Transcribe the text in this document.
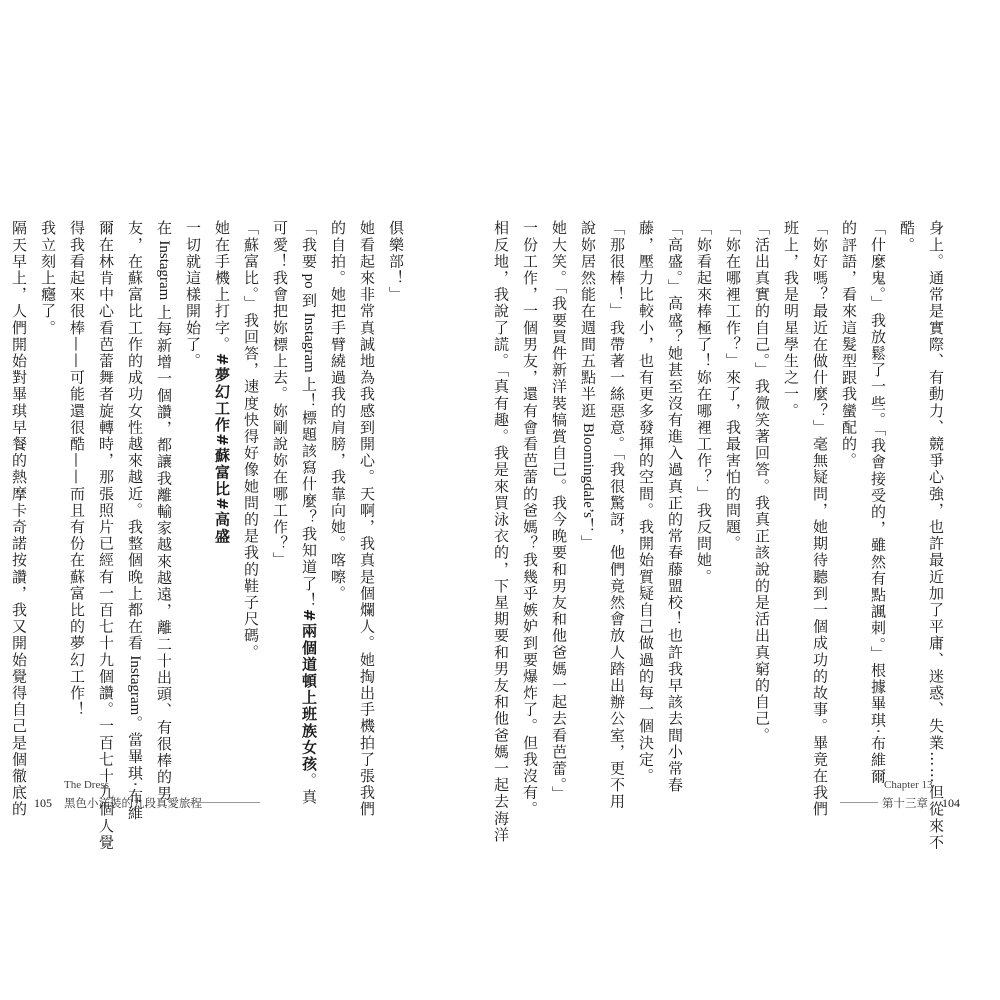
俱樂部！」
她看起來非常真誠地為我感到開心。天啊，我真是個爛人。她掏出手機拍了張我們
的自拍。她把手臂繞過我的肩膀，我靠向她。喀嚓。
「我要 po 到 Instagram 上！標題該寫什麼？我知道了！#兩個道頓上班族女孩。真
可愛！我會把妳標上去。妳剛說妳在哪工作？」
「蘇富比。」我回答，速度快得好像她問的是我的鞋子尺碼。
她在手機上打字。#夢幻工作#蘇富比#高盛
一切就這樣開始了。
在 Instagram 上每新增一個讚，都讓我離輸家越來越遠，離二十出頭、有很棒的男
友，在蘇富比工作的成功女性越來越近。我整個晚上都在看 Instagram。當畢琪‧布維
爾在林肯中心看芭蕾舞者旋轉時，那張照片已經有一百七十九個讚。一百七十九個人覺
得我看起來很棒——可能還很酷——而且有份在蘇富比的夢幻工作！
我立刻上癮了。
隔天早上，人們開始對畢琪早餐的熱摩卡奇諾按讚，我又開始覺得自己是個徹底的 105
The Dress
黑色小洋裝的九段真愛旅程	身上。通常是實際、有動力、競爭心強，也許最近加了平庸、迷惑、失業……但從來不
酷。
「什麼鬼。」我放鬆了一些。「我會接受的，雖然有點諷刺。」根據畢琪‧布維爾
的評語，看來這髮型跟我蠻配的。
「妳好嗎？最近在做什麼？」毫無疑問，她期待聽到一個成功的故事。畢竟在我們
班上，我是明星學生之一。
「活出真實的自己。」我微笑著回答。我真正該說的是活出真窮的自己。
「妳在哪裡工作？」來了，我最害怕的問題。
「妳看起來棒極了！妳在哪裡工作？」我反問她。
「高盛。」高盛？她甚至沒有進入過真正的常春藤盟校！也許我早該去間小常春
藤，壓力比較小，也有更多發揮的空間。我開始質疑自己做過的每一個決定。
「那很棒！」我帶著一絲惡意。「我很驚訝，他們竟然會放人踏出辦公室，更不用
說妳居然能在週間五點半逛 Bloomingdale’s！」
她大笑。「我要買件新洋裝犒賞自己。我今晚要和男友和他爸媽一起去看芭蕾。」
一份工作，一個男友，還有會看芭蕾的爸媽？我幾乎嫉妒到要爆炸了。但我沒有。
相反地，我說了謊。「真有趣。我是來買泳衣的，下星期要和男友和他爸媽一起去海洋	Chapter 13
第十三章 104
